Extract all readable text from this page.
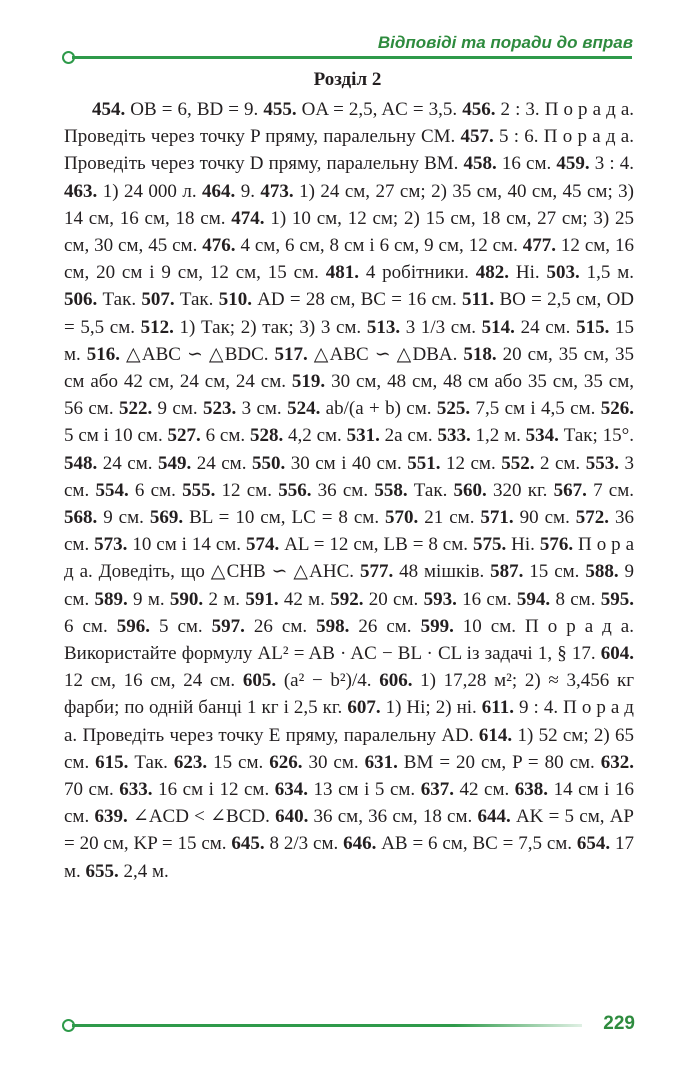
Відповіді та поради до вправ
Розділ 2
454. OB = 6, BD = 9. 455. OA = 2,5, AC = 3,5. 456. 2 : 3. П о р а д а. Проведіть через точку P пряму, паралельну CM. 457. 5 : 6. П о р а д а. Проведіть через точку D пряму, паралельну BM. 458. 16 см. 459. 3 : 4. 463. 1) 24 000 л. 464. 9. 473. 1) 24 см, 27 см; 2) 35 см, 40 см, 45 см; 3) 14 см, 16 см, 18 см. 474. 1) 10 см, 12 см; 2) 15 см, 18 см, 27 см; 3) 25 см, 30 см, 45 см. 476. 4 см, 6 см, 8 см і 6 см, 9 см, 12 см. 477. 12 см, 16 см, 20 см і 9 см, 12 см, 15 см. 481. 4 робітники. 482. Ні. 503. 1,5 м. 506. Так. 507. Так. 510. AD = 28 см, BC = 16 см. 511. BO = 2,5 см, OD = 5,5 см. 512. 1) Так; 2) так; 3) 3 см. 513. 3 1/3 см. 514. 24 см. 515. 15 м. 516. △ABC ∽ △BDC. 517. △ABC ∽ △DBA. 518. 20 см, 35 см, 35 см або 42 см, 24 см, 24 см. 519. 30 см, 48 см, 48 см або 35 см, 35 см, 56 см. 522. 9 см. 523. 3 см. 524. ab/(a + b) см. 525. 7,5 см і 4,5 см. 526. 5 см і 10 см. 527. 6 см. 528. 4,2 см. 531. 2a см. 533. 1,2 м. 534. Так; 15°. 548. 24 см. 549. 24 см. 550. 30 см і 40 см. 551. 12 см. 552. 2 см. 553. 3 см. 554. 6 см. 555. 12 см. 556. 36 см. 558. Так. 560. 320 кг. 567. 7 см. 568. 9 см. 569. BL = 10 см, LC = 8 см. 570. 21 см. 571. 90 см. 572. 36 см. 573. 10 см і 14 см. 574. AL = 12 см, LB = 8 см. 575. Ні. 576. П о р а д а. Доведіть, що △CHB ∽ △AHC. 577. 48 мішків. 587. 15 см. 588. 9 см. 589. 9 м. 590. 2 м. 591. 42 м. 592. 20 см. 593. 16 см. 594. 8 см. 595. 6 см. 596. 5 см. 597. 26 см. 598. 26 см. 599. 10 см. П о р а д а. Використайте формулу AL² = AB · AC − BL · CL із задачі 1, § 17. 604. 12 см, 16 см, 24 см. 605. (a² − b²)/4. 606. 1) 17,28 м²; 2) ≈ 3,456 кг фарби; по одній банці 1 кг і 2,5 кг. 607. 1) Ні; 2) ні. 611. 9 : 4. П о р а д а. Проведіть через точку E пряму, паралельну AD. 614. 1) 52 см; 2) 65 см. 615. Так. 623. 15 см. 626. 30 см. 631. BM = 20 см, P = 80 см. 632. 70 см. 633. 16 см і 12 см. 634. 13 см і 5 см. 637. 42 см. 638. 14 см і 16 см. 639. ∠ACD < ∠BCD. 640. 36 см, 36 см, 18 см. 644. AK = 5 см, AP = 20 см, KP = 15 см. 645. 8 2/3 см. 646. AB = 6 см, BC = 7,5 см. 654. 17 м. 655. 2,4 м.
229
